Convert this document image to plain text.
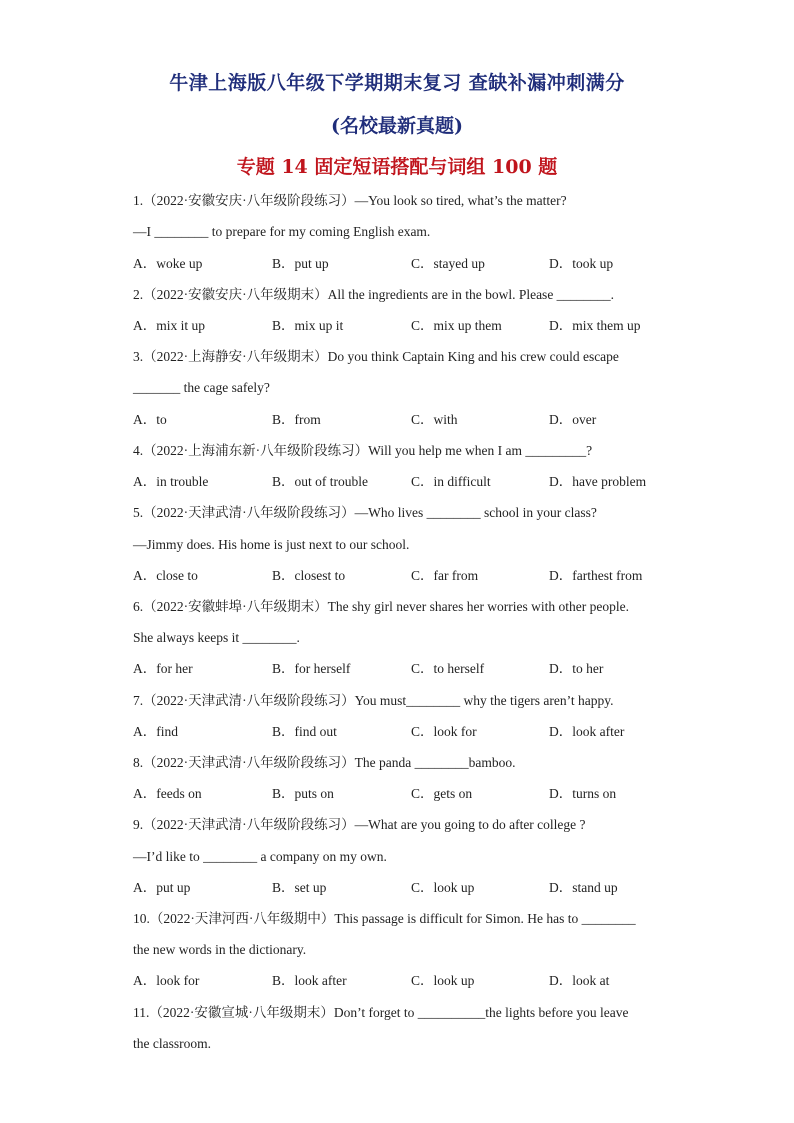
牛津上海版八年级下学期期末复习 查缺补漏冲刺满分
(名校最新真题)
专题 14 固定短语搭配与词组 100 题
1.（2022·安徽安庆·八年级阶段练习）—You look so tired, what’s the matter?
—I ________ to prepare for my coming English exam.
A．woke up	B．put up	C．stayed up	D．took up
2.（2022·安徽安庆·八年级期末）All the ingredients are in the bowl. Please ________.
A．mix it up	B．mix up it	C．mix up them	D．mix them up
3.（2022·上海静安·八年级期末）Do you think Captain King and his crew could escape
_______ the cage safely?
A．to	B．from	C．with	D．over
4.（2022·上海浦东新·八年级阶段练习）Will you help me when I am _________?
A．in trouble	B．out of trouble	C．in difficult	D．have problem
5.（2022·天津武清·八年级阶段练习）—Who lives ________ school in your class?
—Jimmy does. His home is just next to our school.
A．close to	B．closest to	C．far from	D．farthest from
6.（2022·安徽蚌埠·八年级期末）The shy girl never shares her worries with other people.
She always keeps it ________.
A．for her	B．for herself	C．to herself	D．to her
7.（2022·天津武清·八年级阶段练习）You must________ why the tigers aren’t happy.
A．find	B．find out	C．look for	D．look after
8.（2022·天津武清·八年级阶段练习）The panda ________bamboo.
A．feeds on	B．puts on	C．gets on	D．turns on
9.（2022·天津武清·八年级阶段练习）—What are you going to do after college ?
—I’d like to ________ a company on my own.
A．put up	B．set up	C．look up	D．stand up
10.（2022·天津河西·八年级期中）This passage is difficult for Simon. He has to ________
the new words in the dictionary.
A．look for	B．look after	C．look up	D．look at
11.（2022·安徽宣城·八年级期末）Don’t forget to __________the lights before you leave
the classroom.
